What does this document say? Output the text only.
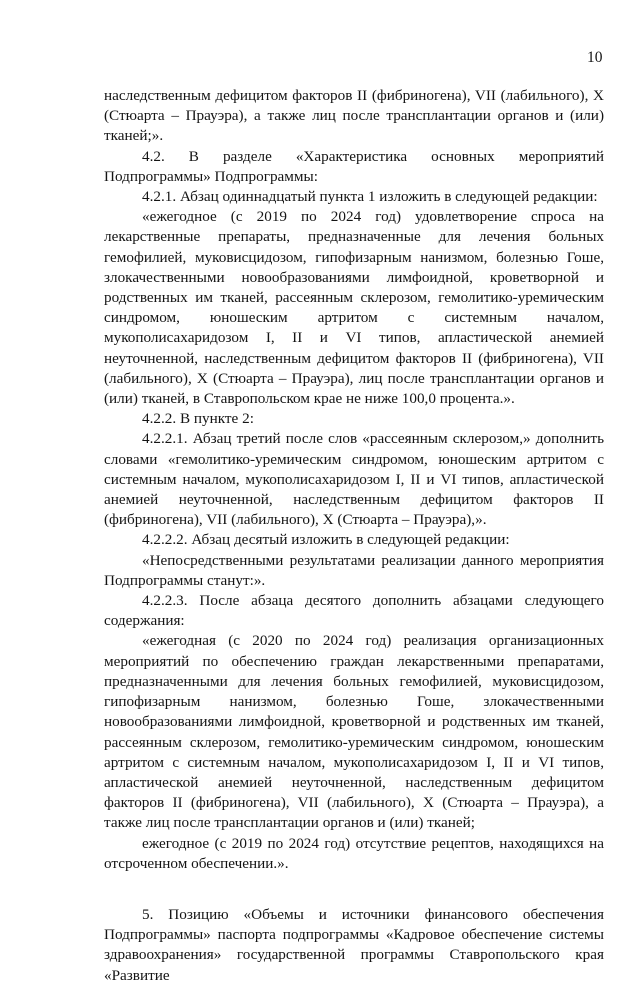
10

наследственным дефицитом факторов II (фибриногена), VII (лабильного), X (Стюарта – Прауэра), а также лиц после трансплантации органов и (или) тканей;».

4.2. В разделе «Характеристика основных мероприятий Подпрограммы» Подпрограммы:

4.2.1. Абзац одиннадцатый пункта 1 изложить в следующей редакции:

«ежегодное (с 2019 по 2024 год) удовлетворение спроса на лекарственные препараты, предназначенные для лечения больных гемофилией, муковисцидозом, гипофизарным нанизмом, болезнью Гоше, злокачественными новообразованиями лимфоидной, кроветворной и родственных им тканей, рассеянным склерозом, гемолитико-уремическим синдромом, юношеским артритом с системным началом, мукополисахаридозом I, II и VI типов, апластической анемией неуточненной, наследственным дефицитом факторов II (фибриногена), VII (лабильного), X (Стюарта – Прауэра), лиц после трансплантации органов и (или) тканей, в Ставропольском крае не ниже 100,0 процента.».

4.2.2. В пункте 2:

4.2.2.1. Абзац третий после слов «рассеянным склерозом,» дополнить словами «гемолитико-уремическим синдромом, юношеским артритом с системным началом, мукополисахаридозом I, II и VI типов, апластической анемией неуточненной, наследственным дефицитом факторов II (фибриногена), VII (лабильного), X (Стюарта – Прауэра),».

4.2.2.2. Абзац десятый изложить в следующей редакции:

«Непосредственными результатами реализации данного мероприятия Подпрограммы станут:».

4.2.2.3. После абзаца десятого дополнить абзацами следующего содержания:

«ежегодная (с 2020 по 2024 год) реализация организационных мероприятий по обеспечению граждан лекарственными препаратами, предназначенными для лечения больных гемофилией, муковисцидозом, гипофизарным нанизмом, болезнью Гоше, злокачественными новообразованиями лимфоидной, кроветворной и родственных им тканей, рассеянным склерозом, гемолитико-уремическим синдромом, юношеским артритом с системным началом, мукополисахаридозом I, II и VI типов, апластической анемией неуточненной, наследственным дефицитом факторов II (фибриногена), VII (лабильного), X (Стюарта – Прауэра), а также лиц после трансплантации органов и (или) тканей;

ежегодное (с 2019 по 2024 год) отсутствие рецептов, находящихся на отсроченном обеспечении.».

5. Позицию «Объемы и источники финансового обеспечения Подпрограммы» паспорта подпрограммы «Кадровое обеспечение системы здравоохранения» государственной программы Ставропольского края «Развитие
